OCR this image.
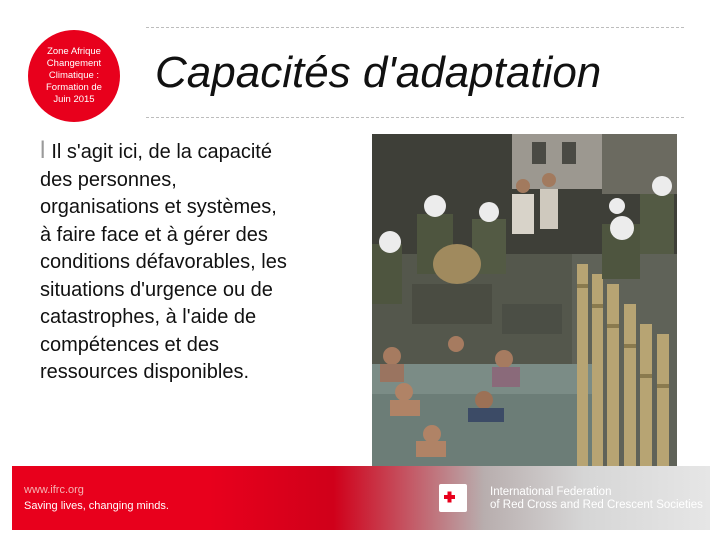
Zone Afrique
Changement
Climatique :
Formation de
Juin 2015
Capacités d'adaptation
l Il s'agit ici, de la capacité
des personnes,
organisations et systèmes,
à faire face et à gérer des
conditions défavorables, les
situations d'urgence ou de
catastrophes, à l'aide de
compétences et des
ressources disponibles.
www.ifrc.org
Saving lives, changing minds.
International Federation
of Red Cross and Red Crescent Societies
